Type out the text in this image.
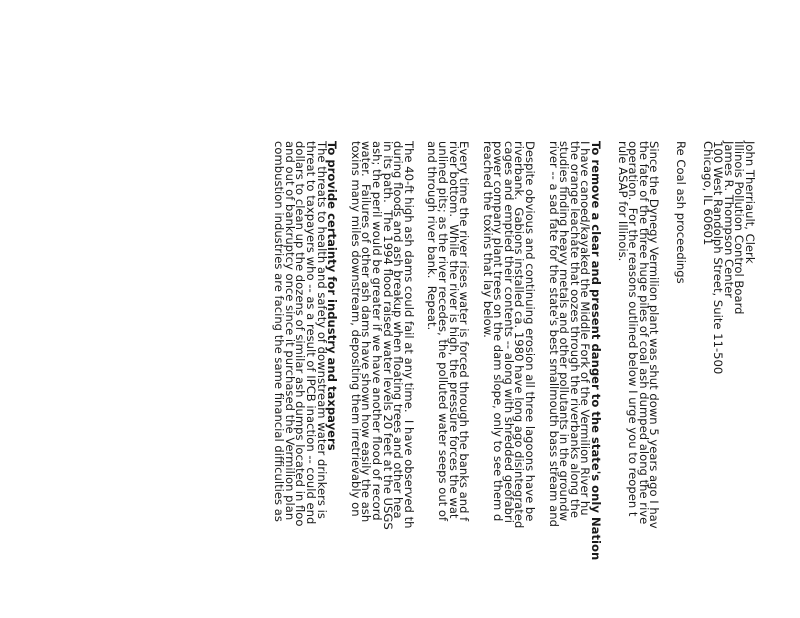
John Therriault, Clerk
Illinois Pollution Control Board
James R. Thompson Center
100 West Randolph Street, Suite 11-500
Chicago, IL 60601
Re Coal ash proceedings
Since the Dynegy Vermilion plant was shut down 5 years ago I hav
the fate of the three huge piles of coal ash dumped along the rive
operation.  For the reasons outlined below I urge you to reopen t
rule ASAP for Illinois.
To remove a clear and present danger to the state's only Nation
I have canoed/kayaked the Middle Fork of the Vermilion River hu
the orange leachate that oozes through the riverbanks along the
studies finding heavy metals and other pollutants in the groundw
river -- a sad fate for the state's best smallmouth bass stream and
Despite obvious and continuing erosion all three lagoons have be
riverbank.  Gabions installed ca. 1980 have long ago disintegrated
cages and emptied their contents -- along with shredded geofabri
power company plant trees on the dam slope, only to see them d
reached the toxins that lay below.
Every time the river rises water is forced through the banks and f
river bottom.  While the river is high, the pressure forces the wat
unlined pits; as the river recedes, the polluted water seeps out of
and through river bank.  Repeat.
The 40-ft high ash dams could fail at any time.  I have observed th
during floods and ash breakup when floating trees and other hea
in its path.  The 1994 flood raised water levels 20 feet at the USGS
ash; the peril would be greater if we have another flood of record
water.  Failures of other ash dams have shown how easily the ash
toxins many miles downstream, depositing them irretrievably on
To provide certainty for industry and taxpayers
The threats to health and safety of downstream water drinkers is
threat to taxpayers who -- as a result of IPCB inaction -- could end
dollars to clean up the dozens of similar ash dumps located in floo
and out of bankruptcy once since it purchased the Vermilion plan
combustion industries are facing the same financial difficulties as
